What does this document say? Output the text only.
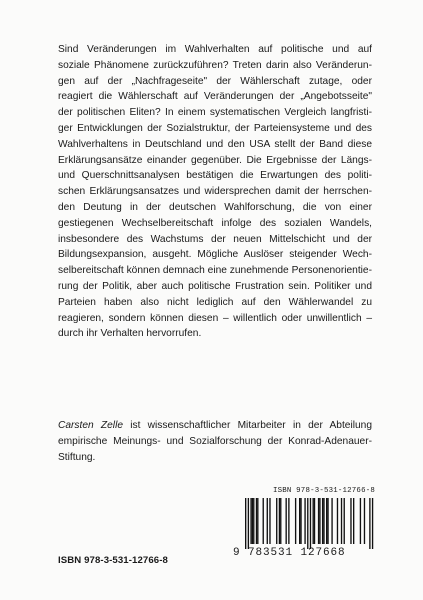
Sind Veränderungen im Wahlverhalten auf politische und auf

soziale Phänomene zurückzuführen? Treten darin also Veränderun-

gen auf der „Nachfrageseite" der Wählerschaft zutage, oder

reagiert die Wählerschaft auf Veränderungen der „Angebotsseite"

der politischen Eliten? In einem systematischen Vergleich langfristi-

ger Entwicklungen der Sozialstruktur, der Parteiensysteme und des

Wahlverhaltens in Deutschland und den USA stellt der Band diese

Erklärungsansätze einander gegenüber. Die Ergebnisse der Längs-

und Querschnittsanalysen bestätigen die Erwartungen des politi-

schen Erklärungsansatzes und widersprechen damit der herrschen-

den Deutung in der deutschen Wahlforschung, die von einer

gestiegenen Wechselbereitschaft infolge des sozialen Wandels,

insbesondere des Wachstums der neuen Mittelschicht und der

Bildungsexpansion, ausgeht. Mögliche Auslöser steigender Wech-

selbereitschaft können demnach eine zunehmende Personenorientie-

rung der Politik, aber auch politische Frustration sein. Politiker und

Parteien haben also nicht lediglich auf den Wählerwandel zu

reagieren, sondern können diesen – willentlich oder unwillentlich –

durch ihr Verhalten hervorrufen.

Carsten Zelle ist wissenschaftlicher Mitarbeiter in der Abteilung

empirische Meinungs- und Sozialforschung der Konrad-Adenauer-

Stiftung.

ISBN 978-3-531-12766-8
ISBN 978-3-531-12766-8
9 783531 127668
